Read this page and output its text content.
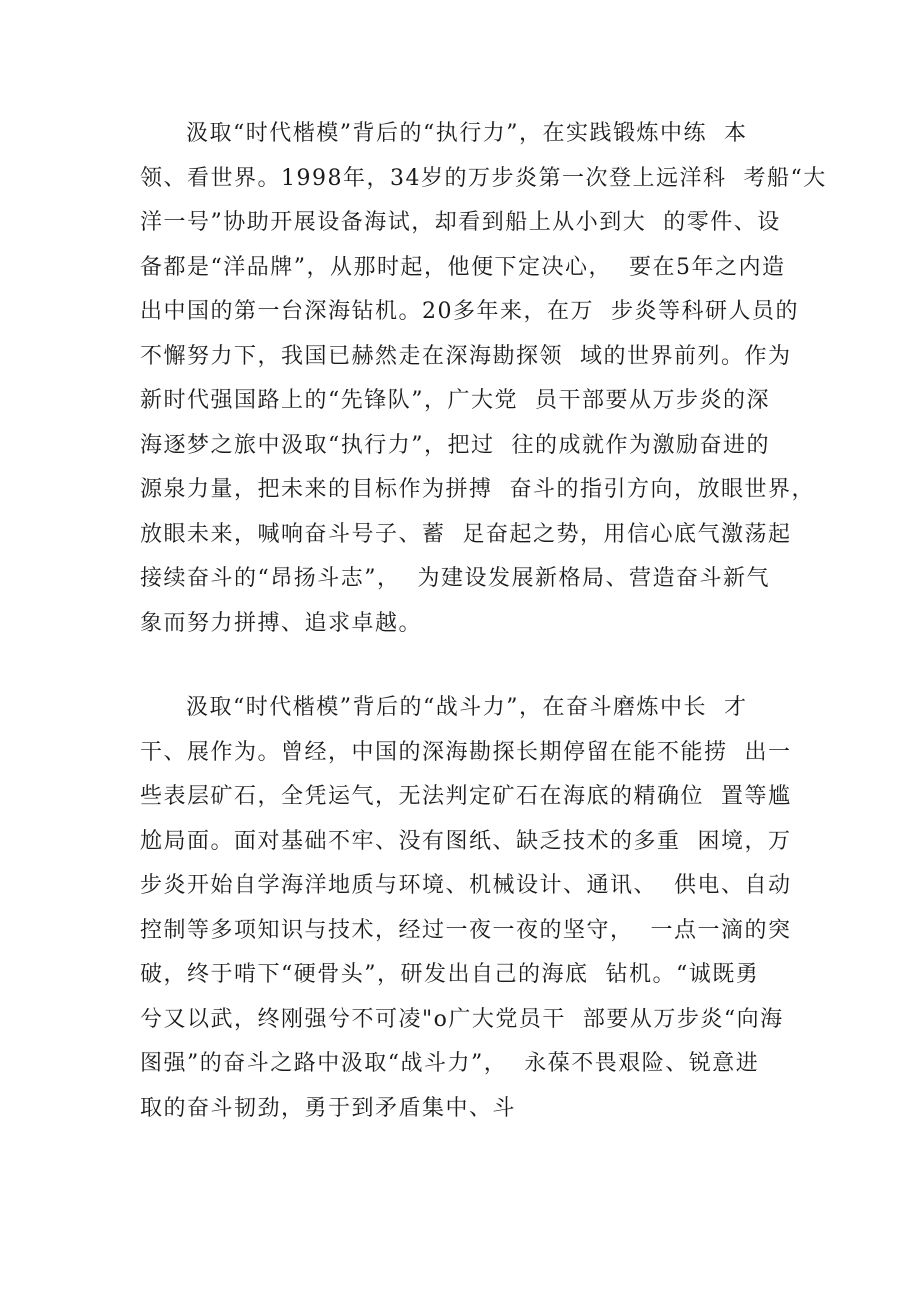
汲取“时代楷模”背后的“执行力”，在实践锻炼中练  本
领、看世界。1998年，34岁的万步炎第一次登上远洋科  考船“大
洋一号”协助开展设备海试，却看到船上从小到大  的零件、设
备都是“洋品牌”，从那时起，他便下定决心，  要在5年之内造
出中国的第一台深海钻机。20多年来，在万  步炎等科研人员的
不懈努力下，我国已赫然走在深海勘探领  域的世界前列。作为
新时代强国路上的“先锋队”，广大党  员干部要从万步炎的深
海逐梦之旅中汲取“执行力”，把过  往的成就作为激励奋进的
源泉力量，把未来的目标作为拼搏  奋斗的指引方向，放眼世界，
放眼未来，喊响奋斗号子、蓄  足奋起之势，用信心底气激荡起
接续奋斗的“昂扬斗志”，  为建设发展新格局、营造奋斗新气
象而努力拼搏、追求卓越。
汲取“时代楷模”背后的“战斗力”，在奋斗磨炼中长  才
干、展作为。曾经，中国的深海勘探长期停留在能不能捞  出一
些表层矿石，全凭运气，无法判定矿石在海底的精确位  置等尴
尬局面。面对基础不牢、没有图纸、缺乏技术的多重  困境，万
步炎开始自学海洋地质与环境、机械设计、通讯、  供电、自动
控制等多项知识与技术，经过一夜一夜的坚守，  一点一滴的突
破，终于啃下“硬骨头”，研发出自己的海底  钻机。“诚既勇
兮又以武，终刚强兮不可凌"o广大党员干  部要从万步炎“向海
图强”的奋斗之路中汲取“战斗力”，  永葆不畏艰险、锐意进
取的奋斗韧劲，勇于到矛盾集中、斗
